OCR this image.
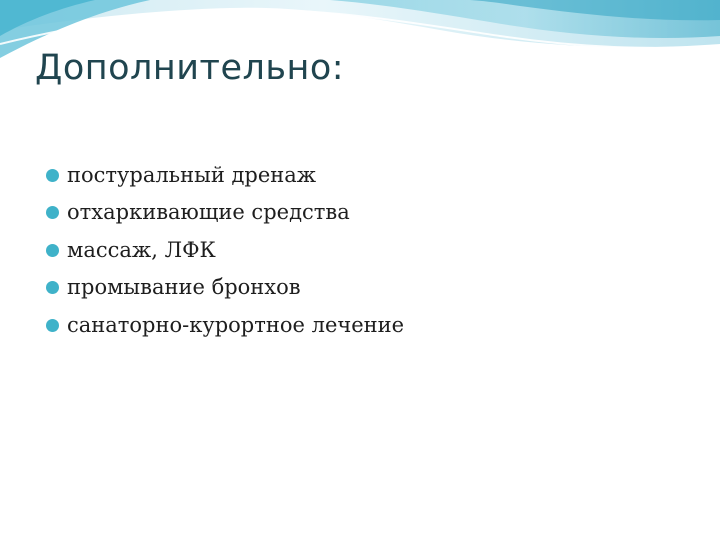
Дополнительно:
постуральный дренаж
отхаркивающие средства
массаж, ЛФК
промывание бронхов
санаторно-курортное лечение
